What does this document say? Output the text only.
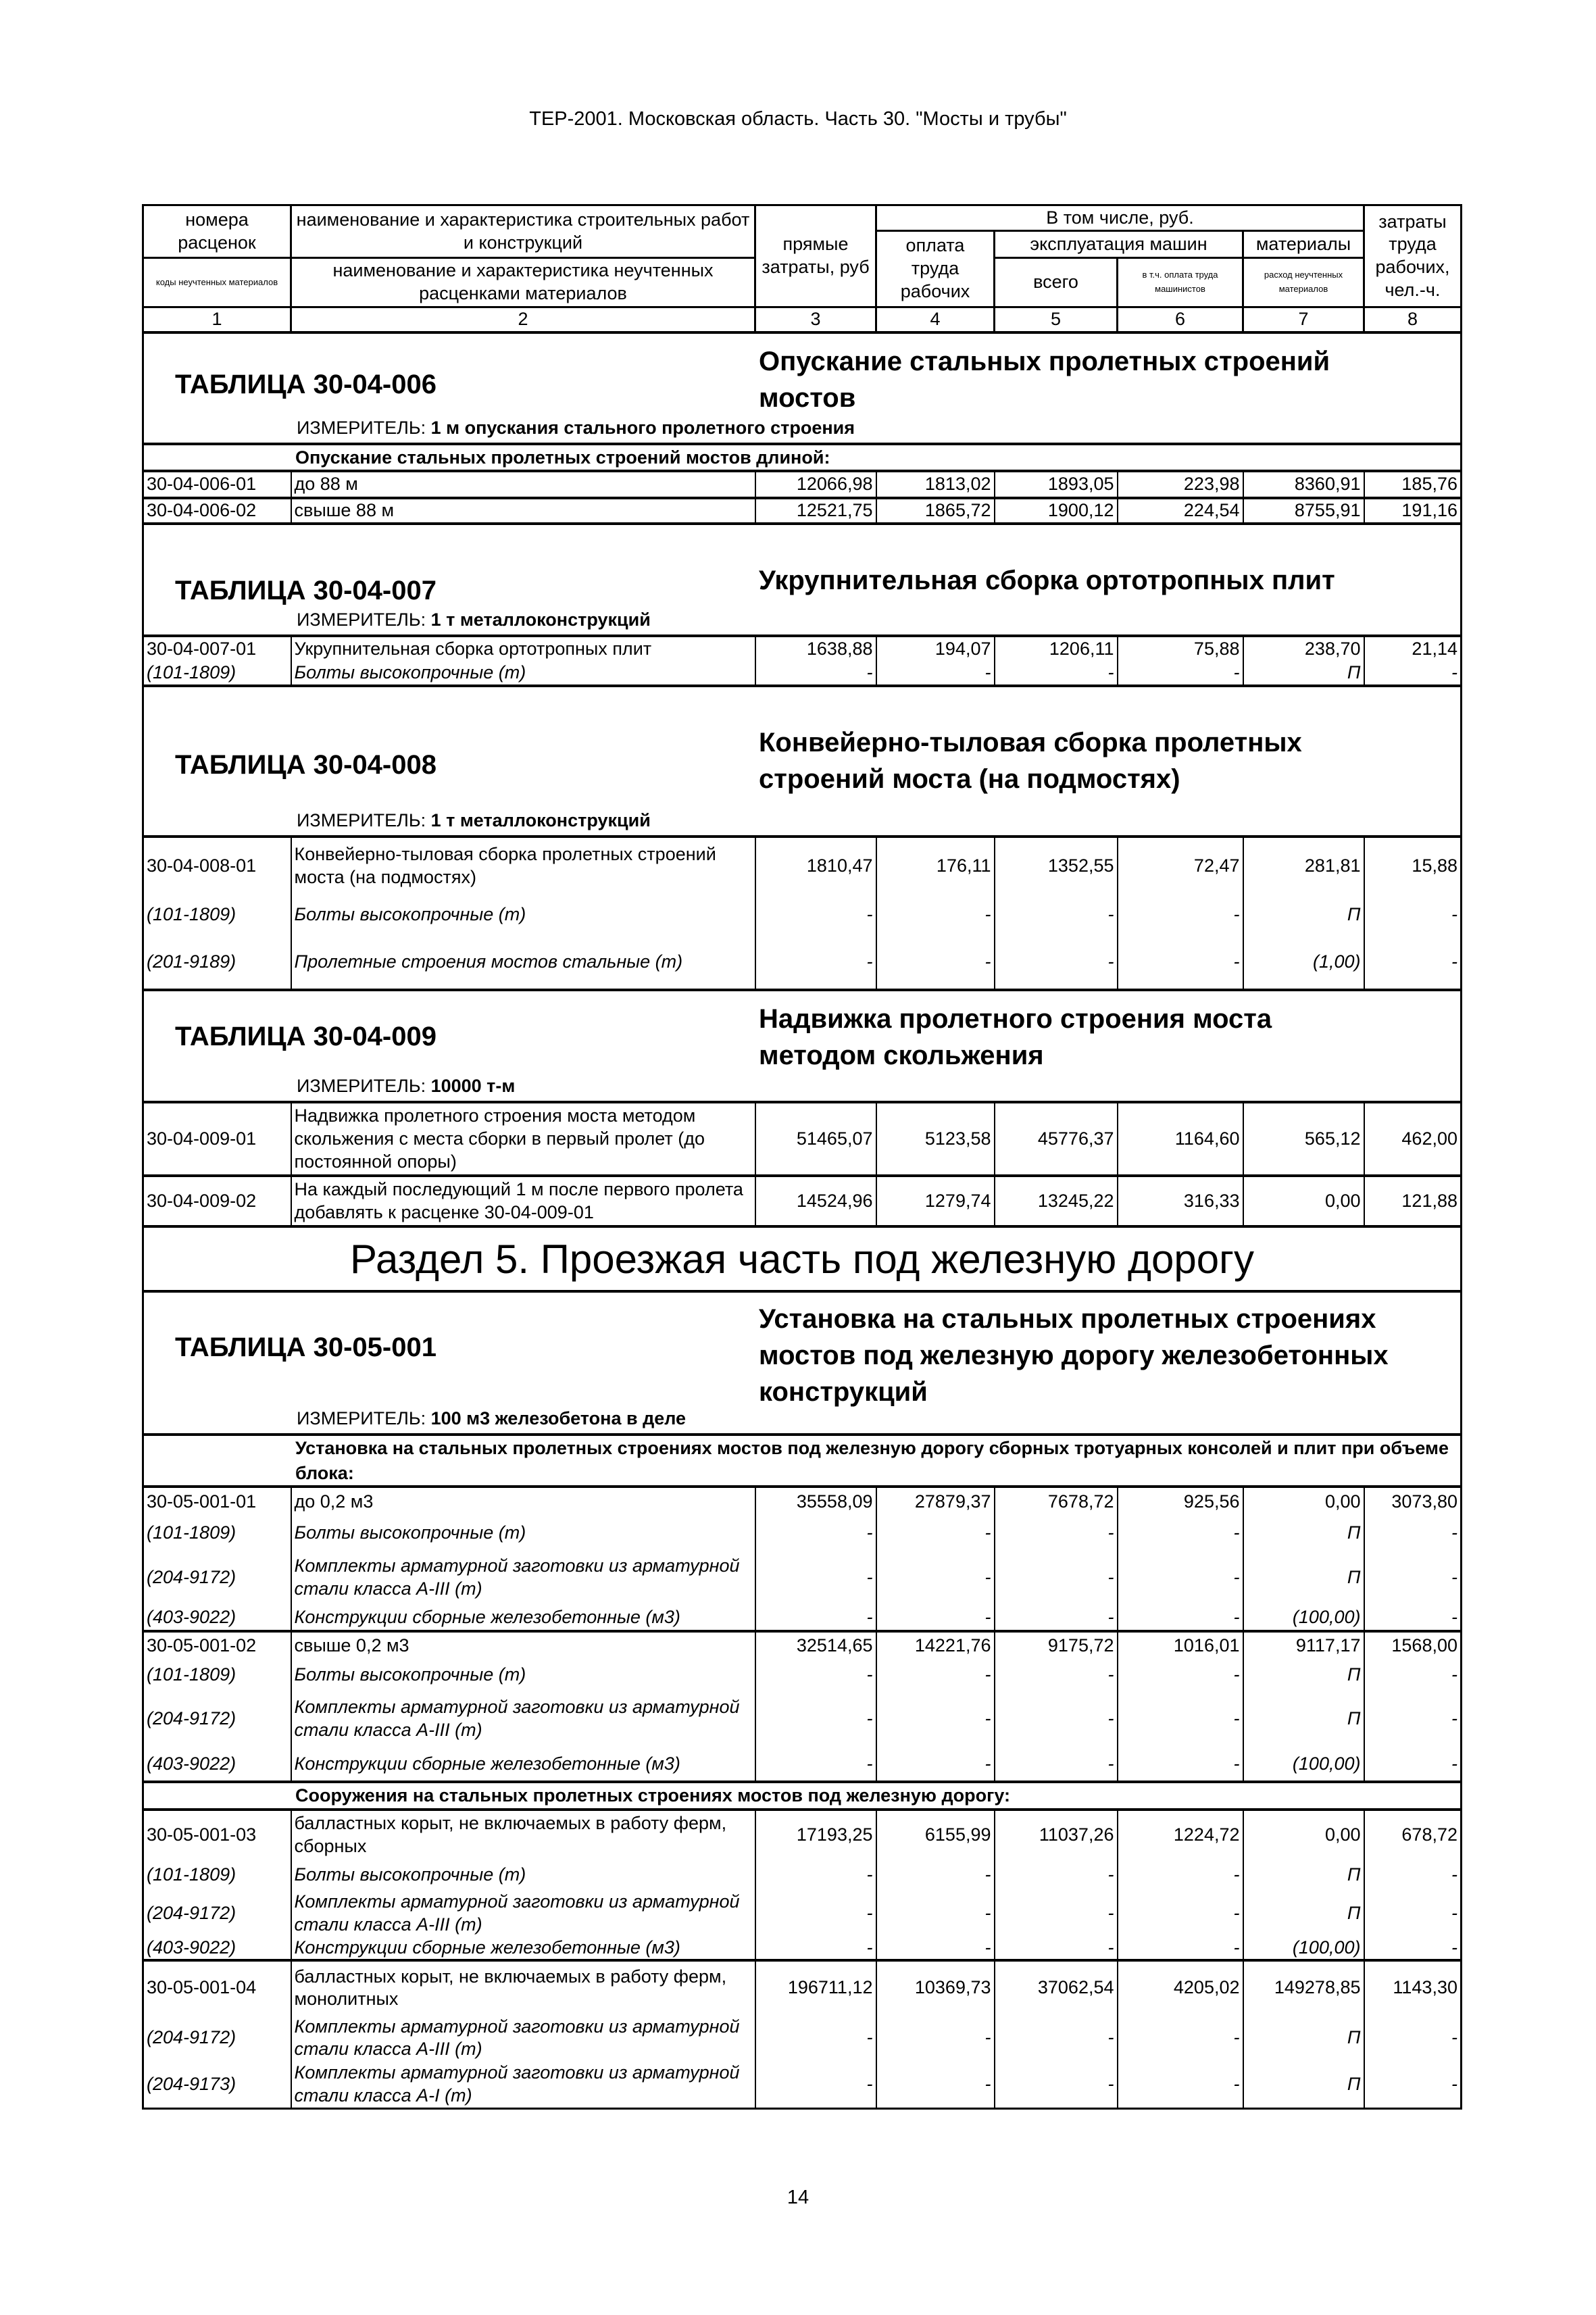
ТЕР-2001. Московская область. Часть 30. "Мосты и трубы"
номера расценок	наименование и характеристика строительных работ и конструкций	прямые затраты, руб	В том числе, руб.				затраты труда рабочих, чел.-ч.
			оплата труда рабочих	эксплуатация машин		материалы	
коды неучтенных материалов	наименование и характеристика неучтенных расценками материалов			всего	в т.ч. оплата труда машинистов	расход неучтенных материалов	
1	2	3	4	5	6	7	8

ТАБЛИЦА 30-04-006
Опускание стальных пролетных строений мостов
ИЗМЕРИТЕЛЬ: 1 м опускания стального пролетного строения							

Опускание стальных пролетных строений мостов длиной:							
30-04-006-01	до 88 м	12066,98	1813,02	1893,05	223,98	8360,91	185,76
30-04-006-02	свыше 88 м	12521,75	1865,72	1900,12	224,54	8755,91	191,16

ТАБЛИЦА 30-04-007 Укрупнительная сборка ортотропных плит
ИЗМЕРИТЕЛЬ: 1 т металлоконструкций							

30-04-007-01	Укрупнительная сборка ортотропных плит	1638,88	194,07	1206,11	75,88	238,70	21,14
(101-1809)	Болты высокопрочные (т)	-	-	-	-	П	-

ТАБЛИЦА 30-04-008
Конвейерно-тыловая сборка пролетных строений моста (на подмостях)
ИЗМЕРИТЕЛЬ: 1 т металлоконструкций							

30-04-008-01	Конвейерно-тыловая сборка пролетных строений моста (на подмостях)	1810,47	176,11	1352,55	72,47	281,81	15,88
(101-1809)	Болты высокопрочные (т)	-	-	-	-	П	-
(201-9189)	Пролетные строения мостов стальные (т)	-	-	-	-	(1,00)	-

ТАБЛИЦА 30-04-009
Надвижка пролетного строения моста методом скольжения
ИЗМЕРИТЕЛЬ: 10000 т-м							

30-04-009-01	Надвижка пролетного строения моста методом скольжения с места сборки в первый пролет (до постоянной опоры)	51465,07	5123,58	45776,37	1164,60	565,12	462,00
30-04-009-02	На каждый последующий 1 м после первого пролета добавлять к расценке 30-04-009-01	14524,96	1279,74	13245,22	316,33	0,00	121,88
Раздел 5. Проезжая часть под железную дорогу							

ТАБЛИЦА 30-05-001
Установка на стальных пролетных строениях мостов под железную дорогу железобетонных конструкций
ИЗМЕРИТЕЛЬ: 100 м3 железобетона в деле							

Установка на стальных пролетных строениях мостов под железную дорогу сборных тротуарных консолей и плит при объеме блока:							
30-05-001-01	до 0,2 м3	35558,09	27879,37	7678,72	925,56	0,00	3073,80
(101-1809)	Болты высокопрочные (т)	-	-	-	-	П	-
(204-9172)	Комплекты арматурной заготовки из арматурной стали класса А-III (т)	-	-	-	-	П	-
(403-9022)	Конструкции сборные железобетонные (м3)	-	-	-	-	(100,00)	-
30-05-001-02	свыше 0,2 м3	32514,65	14221,76	9175,72	1016,01	9117,17	1568,00
(101-1809)	Болты высокопрочные (т)	-	-	-	-	П	-
(204-9172)	Комплекты арматурной заготовки из арматурной стали класса А-III (т)	-	-	-	-	П	-
(403-9022)	Конструкции сборные железобетонные (м3)	-	-	-	-	(100,00)	-
Сооружения на стальных пролетных строениях мостов под железную дорогу:							
30-05-001-03	балластных корыт, не включаемых в работу ферм, сборных	17193,25	6155,99	11037,26	1224,72	0,00	678,72
(101-1809)	Болты высокопрочные (т)	-	-	-	-	П	-
(204-9172)	Комплекты арматурной заготовки из арматурной стали класса А-III (т)	-	-	-	-	П	-
(403-9022)	Конструкции сборные железобетонные (м3)	-	-	-	-	(100,00)	-
30-05-001-04	балластных корыт, не включаемых в работу ферм, монолитных	196711,12	10369,73	37062,54	4205,02	149278,85	1143,30
(204-9172)	Комплекты арматурной заготовки из арматурной стали класса А-III (т)	-	-	-	-	П	-
(204-9173)	Комплекты арматурной заготовки из арматурной стали класса А-I (т)	-	-	-	-	П	-
14
